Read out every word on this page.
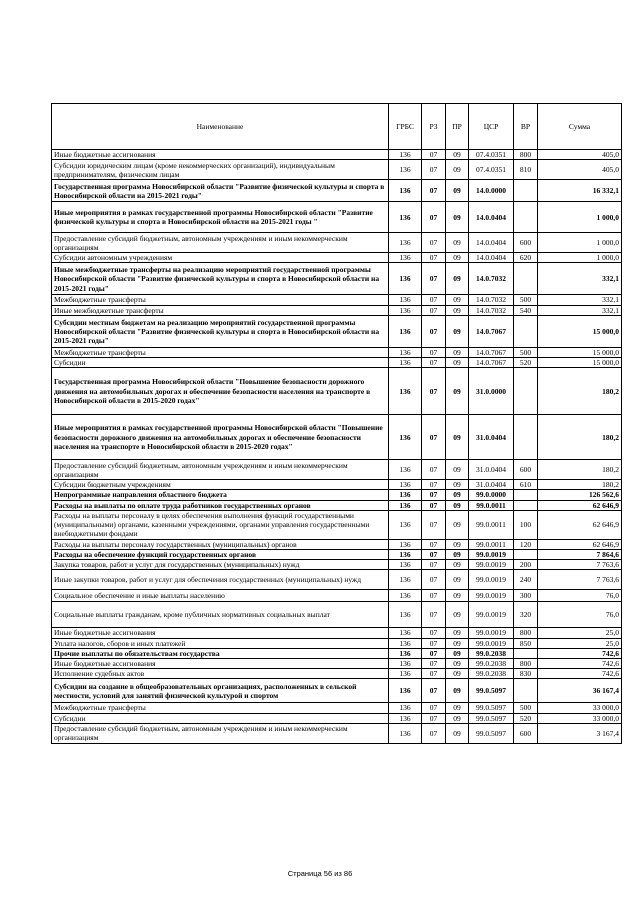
Наименование	ГРБС	РЗ	ПР	ЦСР	ВР	Сумма
Иные бюджетные ассигнования	136	07	09	07.4.0351	800	405,0
Субсидии юридическим лицам (кроме некоммерческих организаций), индивидуальным предпринимателям, физическим лицам	136	07	09	07.4.0351	810	405,0
Государственная программа Новосибирской области "Развитие физической культуры и спорта в Новосибирской области на 2015-2021 годы"	136	07	09	14.0.0000		16 332,1
Иные мероприятия в рамках государственной программы Новосибирской области "Развитие физической культуры и спорта в Новосибирской области на 2015-2021 годы "	136	07	09	14.0.0404		1 000,0
Предоставление субсидий бюджетным, автономным учреждениям и иным некоммерческим организациям	136	07	09	14.0.0404	600	1 000,0
Субсидии автономным учреждениям	136	07	09	14.0.0404	620	1 000,0
Иные межбюджетные трансферты на реализацию мероприятий государственной программы Новосибирской области "Развитие физической культуры и спорта в Новосибирской области на 2015-2021 годы"	136	07	09	14.0.7032		332,1
Межбюджетные трансферты	136	07	09	14.0.7032	500	332,1
Иные межбюджетные трансферты	136	07	09	14.0.7032	540	332,1
Субсидии местным бюджетам на реализацию мероприятий государственной программы Новосибирской области "Развитие физической культуры и спорта в Новосибирской области на 2015-2021 годы"	136	07	09	14.0.7067		15 000,0
Межбюджетные трансферты	136	07	09	14.0.7067	500	15 000,0
Субсидии	136	07	09	14.0.7067	520	15 000,0
Государственная программа Новосибирской области "Повышение безопасности дорожного движения на автомобильных дорогах и обеспечение безопасности населения на транспорте в Новосибирской области в 2015-2020 годах"	136	07	09	31.0.0000		180,2
Иные мероприятия в рамках государственной программы Новосибирской области "Повышение безопасности дорожного движения на автомобильных дорогах и обеспечение безопасности населения на транспорте в Новосибирской области в 2015-2020 годах"	136	07	09	31.0.0404		180,2
Предоставление субсидий бюджетным, автономным учреждениям и иным некоммерческим организациям	136	07	09	31.0.0404	600	180,2
Субсидии бюджетным учреждениям	136	07	09	31.0.0404	610	180,2
Непрограммные направления областного бюджета	136	07	09	99.0.0000		126 562,6
Расходы на выплаты по оплате труда работников государственных органов	136	07	09	99.0.0011		62 646,9
Расходы на выплаты персоналу в целях обеспечения выполнения функций государственными (муниципальными) органами, казенными учреждениями, органами управления государственными внебюджетными фондами	136	07	09	99.0.0011	100	62 646,9
Расходы на выплаты персоналу государственных (муниципальных) органов	136	07	09	99.0.0011	120	62 646,9
Расходы на обеспечение функций государственных органов	136	07	09	99.0.0019		7 864,6
Закупка товаров, работ и услуг для государственных (муниципальных) нужд	136	07	09	99.0.0019	200	7 763,6
Иные закупки товаров, работ и услуг для обеспечения государственных (муниципальных) нужд	136	07	09	99.0.0019	240	7 763,6
Социальное обеспечение и иные выплаты населению	136	07	09	99.0.0019	300	76,0
Социальные выплаты гражданам, кроме публичных нормативных социальных выплат	136	07	09	99.0.0019	320	76,0
Иные бюджетные ассигнования	136	07	09	99.0.0019	800	25,0
Уплата налогов, сборов и иных платежей	136	07	09	99.0.0019	850	25,0
Прочие выплаты по обязательствам государства	136	07	09	99.0.2038		742,6
Иные бюджетные ассигнования	136	07	09	99.0.2038	800	742,6
Исполнение судебных актов	136	07	09	99.0.2038	830	742,6
Субсидии на создание в общеобразовательных организациях, расположенных в сельской местности, условий для занятий физической культурой и спортом	136	07	09	99.0.5097		36 167,4
Межбюджетные трансферты	136	07	09	99.0.5097	500	33 000,0
Субсидии	136	07	09	99.0.5097	520	33 000,0
Предоставление субсидий бюджетным, автономным учреждениям и иным некоммерческим организациям	136	07	09	99.0.5097	600	3 167,4
Страница 56 из 86
